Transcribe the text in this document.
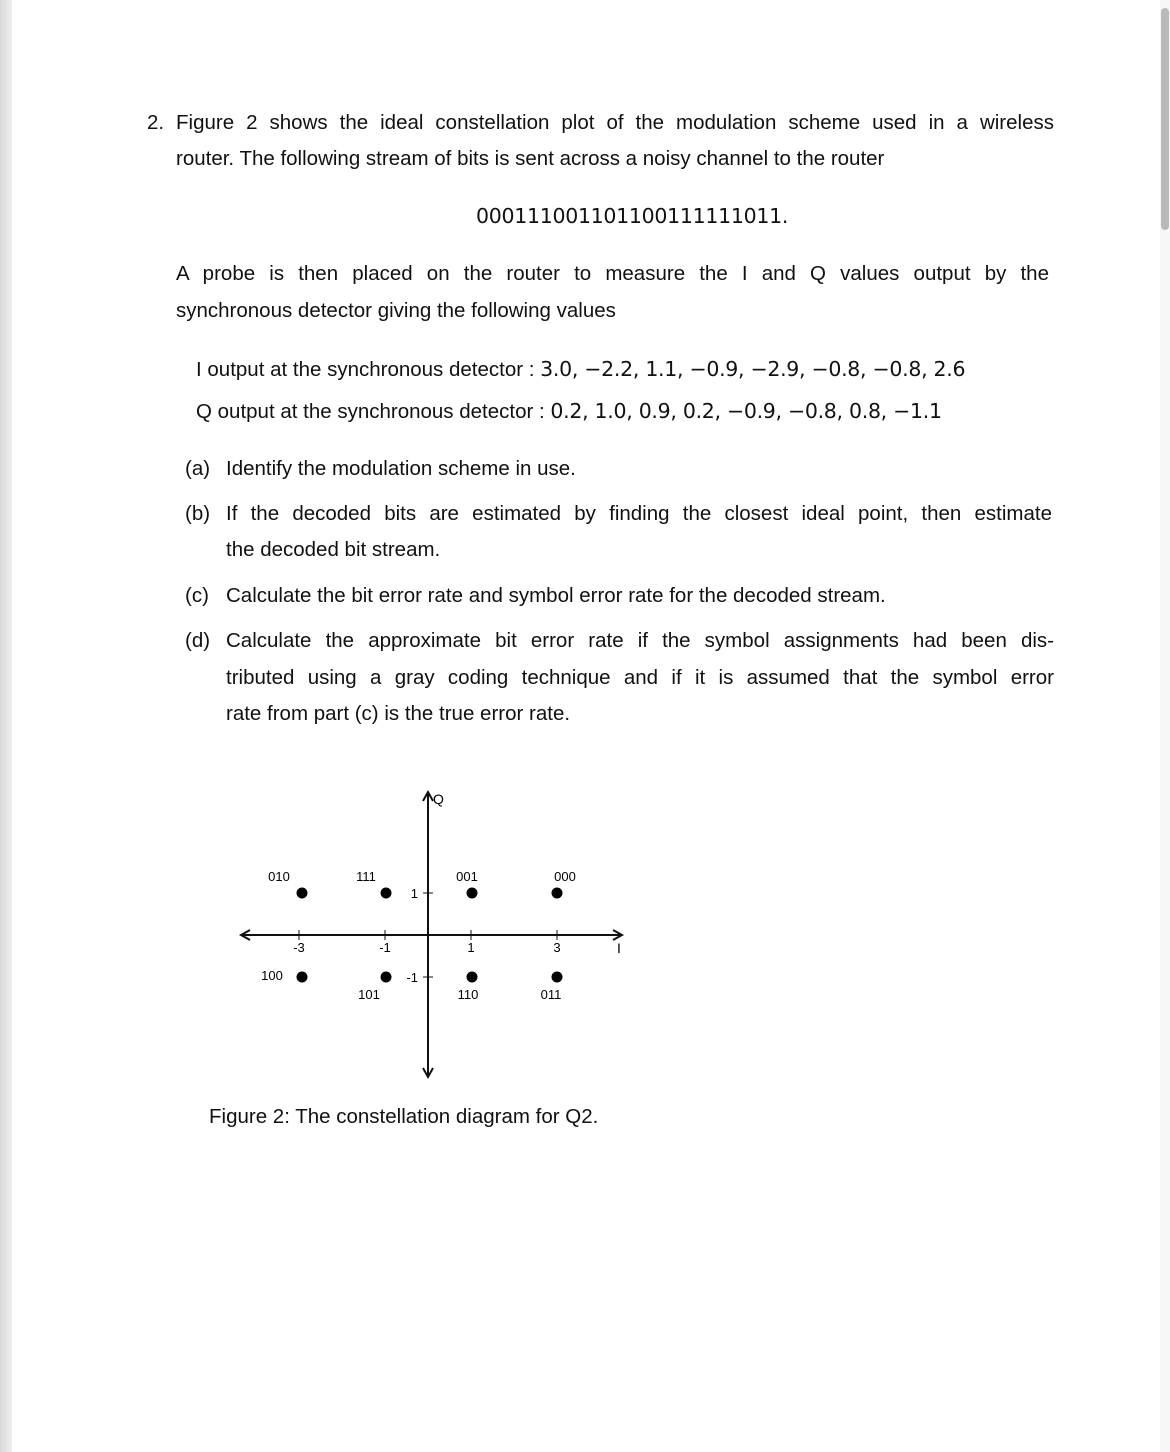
2. Figure 2 shows the ideal constellation plot of the modulation scheme used in a wireless
router. The following stream of bits is sent across a noisy channel to the router
000111001101100111111011.
A probe is then placed on the router to measure the I and Q values output by the
synchronous detector giving the following values
I output at the synchronous detector : 3.0, −2.2, 1.1, −0.9, −2.9, −0.8, −0.8, 2.6
Q output at the synchronous detector : 0.2, 1.0, 0.9, 0.2, −0.9, −0.8, 0.8, −1.1
(a) Identify the modulation scheme in use.
(b) If the decoded bits are estimated by finding the closest ideal point, then estimate
the decoded bit stream.
(c) Calculate the bit error rate and symbol error rate for the decoded stream.
(d) Calculate the approximate bit error rate if the symbol assignments had been dis-
tributed using a gray coding technique and if it is assumed that the symbol error
rate from part (c) is the true error rate.
Q
I
-3	-1	1	3
1
-1
010	111	001	000
100
101	110	011
Figure 2: The constellation diagram for Q2.
